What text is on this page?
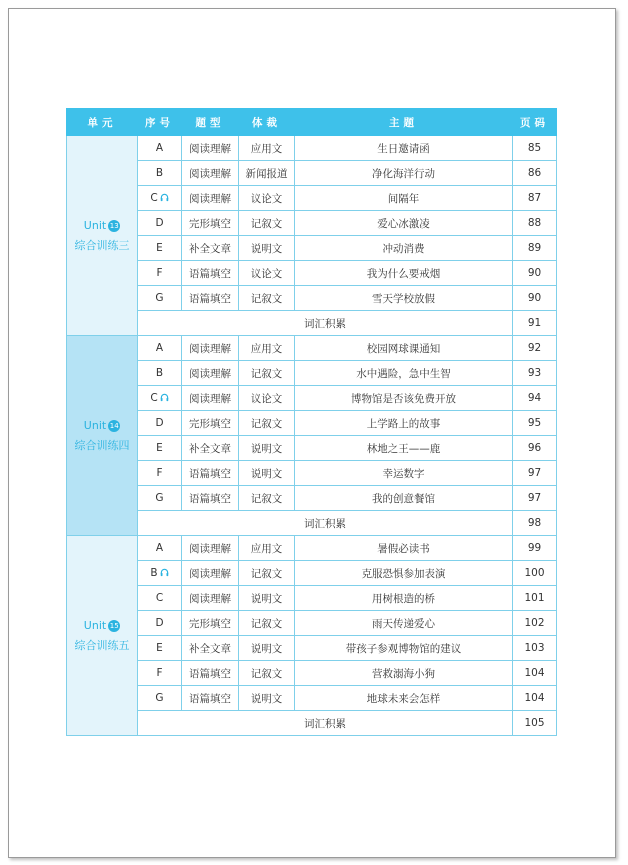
单元	序号	题型	体裁	主题	页码

Unit 13
综合训练三	A	阅读理解	应用文	生日邀请函	85
	B	阅读理解	新闻报道	净化海洋行动	86
	C	阅读理解	议论文	间隔年	87
	D	完形填空	记叙文	爱心冰激凌	88
	E	补全文章	说明文	冲动消费	89
	F	语篇填空	议论文	我为什么要戒烟	90
	G	语篇填空	记叙文	雪天学校放假	90
	词汇积累				91

Unit 14
综合训练四	A	阅读理解	应用文	校园网球课通知	92
	B	阅读理解	记叙文	水中遇险，急中生智	93
	C	阅读理解	议论文	博物馆是否该免费开放	94
	D	完形填空	记叙文	上学路上的故事	95
	E	补全文章	说明文	林地之王——鹿	96
	F	语篇填空	说明文	幸运数字	97
	G	语篇填空	记叙文	我的创意餐馆	97
	词汇积累				98

Unit 15
综合训练五	A	阅读理解	应用文	暑假必读书	99
	B	阅读理解	记叙文	克服恐惧参加表演	100
	C	阅读理解	说明文	用树根造的桥	101
	D	完形填空	记叙文	雨天传递爱心	102
	E	补全文章	说明文	带孩子参观博物馆的建议	103
	F	语篇填空	记叙文	营救溺海小狗	104
	G	语篇填空	说明文	地球未来会怎样	104
	词汇积累				105
